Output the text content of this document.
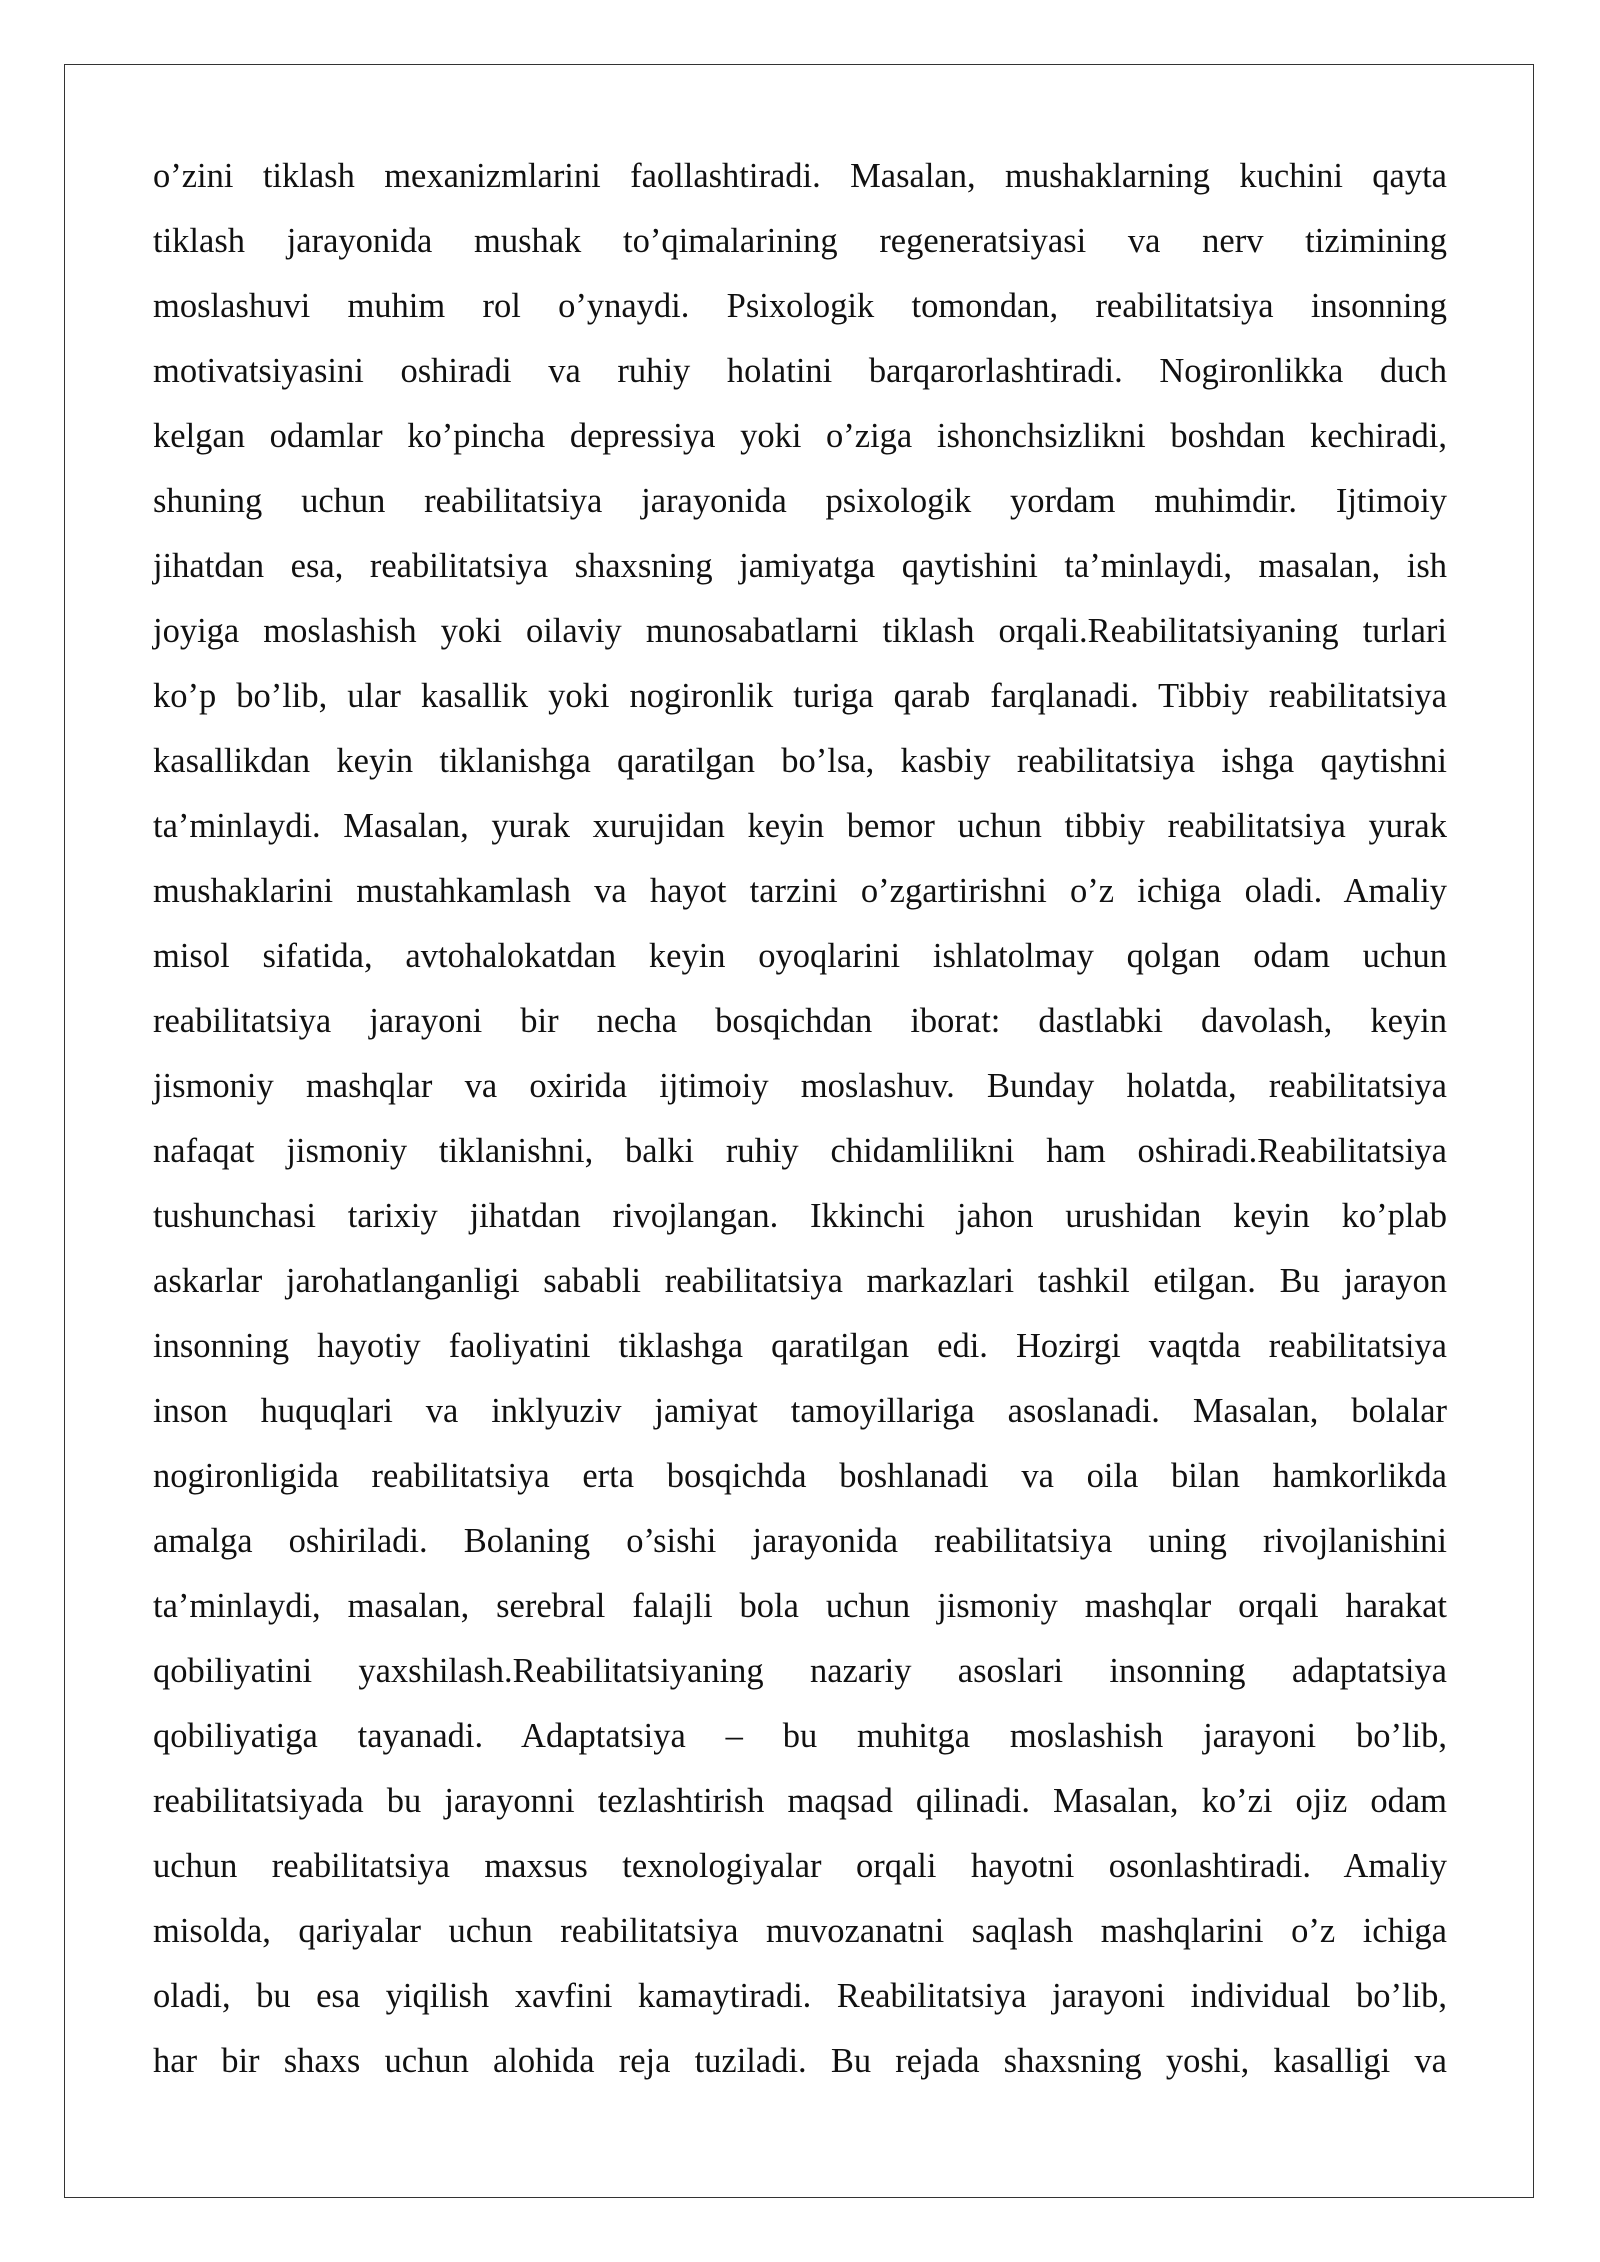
o’zini tiklash mexanizmlarini faollashtiradi. Masalan, mushaklarning kuchini qayta
tiklash jarayonida mushak to’qimalarining regeneratsiyasi va nerv tizimining
moslashuvi muhim rol o’ynaydi. Psixologik tomondan, reabilitatsiya insonning
motivatsiyasini oshiradi va ruhiy holatini barqarorlashtiradi. Nogironlikka duch
kelgan odamlar ko’pincha depressiya yoki o’ziga ishonchsizlikni boshdan kechiradi,
shuning uchun reabilitatsiya jarayonida psixologik yordam muhimdir. Ijtimoiy
jihatdan esa, reabilitatsiya shaxsning jamiyatga qaytishini ta’minlaydi, masalan, ish
joyiga moslashish yoki oilaviy munosabatlarni tiklash orqali.Reabilitatsiyaning turlari
ko’p bo’lib, ular kasallik yoki nogironlik turiga qarab farqlanadi. Tibbiy reabilitatsiya
kasallikdan keyin tiklanishga qaratilgan bo’lsa, kasbiy reabilitatsiya ishga qaytishni
ta’minlaydi. Masalan, yurak xurujidan keyin bemor uchun tibbiy reabilitatsiya yurak
mushaklarini mustahkamlash va hayot tarzini o’zgartirishni o’z ichiga oladi. Amaliy
misol sifatida, avtohalokatdan keyin oyoqlarini ishlatolmay qolgan odam uchun
reabilitatsiya jarayoni bir necha bosqichdan iborat: dastlabki davolash, keyin
jismoniy mashqlar va oxirida ijtimoiy moslashuv. Bunday holatda, reabilitatsiya
nafaqat jismoniy tiklanishni, balki ruhiy chidamlilikni ham oshiradi.Reabilitatsiya
tushunchasi tarixiy jihatdan rivojlangan. Ikkinchi jahon urushidan keyin ko’plab
askarlar jarohatlanganligi sababli reabilitatsiya markazlari tashkil etilgan. Bu jarayon
insonning hayotiy faoliyatini tiklashga qaratilgan edi. Hozirgi vaqtda reabilitatsiya
inson huquqlari va inklyuziv jamiyat tamoyillariga asoslanadi. Masalan, bolalar
nogironligida reabilitatsiya erta bosqichda boshlanadi va oila bilan hamkorlikda
amalga oshiriladi. Bolaning o’sishi jarayonida reabilitatsiya uning rivojlanishini
ta’minlaydi, masalan, serebral falajli bola uchun jismoniy mashqlar orqali harakat
qobiliyatini yaxshilash.Reabilitatsiyaning nazariy asoslari insonning adaptatsiya
qobiliyatiga tayanadi. Adaptatsiya – bu muhitga moslashish jarayoni bo’lib,
reabilitatsiyada bu jarayonni tezlashtirish maqsad qilinadi. Masalan, ko’zi ojiz odam
uchun reabilitatsiya maxsus texnologiyalar orqali hayotni osonlashtiradi. Amaliy
misolda, qariyalar uchun reabilitatsiya muvozanatni saqlash mashqlarini o’z ichiga
oladi, bu esa yiqilish xavfini kamaytiradi. Reabilitatsiya jarayoni individual bo’lib,
har bir shaxs uchun alohida reja tuziladi. Bu rejada shaxsning yoshi, kasalligi va
